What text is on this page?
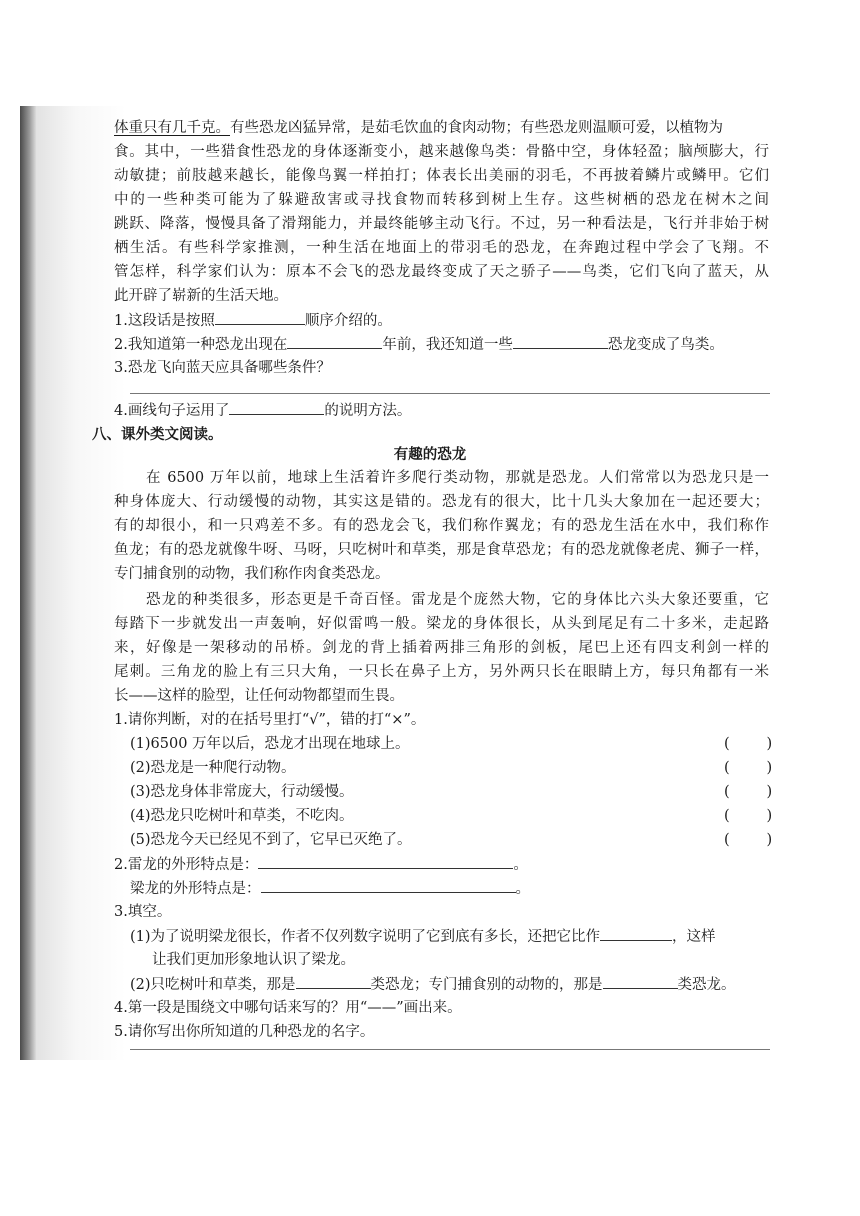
体重只有几千克。有些恐龙凶猛异常，是茹毛饮血的食肉动物；有些恐龙则温顺可爱，以植物为
食。其中，一些猎食性恐龙的身体逐渐变小，越来越像鸟类：骨骼中空，身体轻盈；脑颅膨大，行
动敏捷；前肢越来越长，能像鸟翼一样拍打；体表长出美丽的羽毛，不再披着鳞片或鳞甲。它们
中的一些种类可能为了躲避敌害或寻找食物而转移到树上生存。这些树栖的恐龙在树木之间
跳跃、降落，慢慢具备了滑翔能力，并最终能够主动飞行。不过，另一种看法是，飞行并非始于树
栖生活。有些科学家推测，一种生活在地面上的带羽毛的恐龙，在奔跑过程中学会了飞翔。不
管怎样，科学家们认为：原本不会飞的恐龙最终变成了天之骄子——鸟类，它们飞向了蓝天，从
此开辟了崭新的生活天地。
1.这段话是按照	顺序介绍的。
2.我知道第一种恐龙出现在	年前，我还知道一些	恐龙变成了鸟类。
3.恐龙飞向蓝天应具备哪些条件？
4.画线句子运用了	的说明方法。
八、课外类文阅读。
有趣的恐龙
在 6500 万年以前，地球上生活着许多爬行类动物，那就是恐龙。人们常常以为恐龙只是一
种身体庞大、行动缓慢的动物，其实这是错的。恐龙有的很大，比十几头大象加在一起还要大；
有的却很小，和一只鸡差不多。有的恐龙会飞，我们称作翼龙；有的恐龙生活在水中，我们称作
鱼龙；有的恐龙就像牛呀、马呀，只吃树叶和草类，那是食草恐龙；有的恐龙就像老虎、狮子一样，
专门捕食别的动物，我们称作肉食类恐龙。
恐龙的种类很多，形态更是千奇百怪。雷龙是个庞然大物，它的身体比六头大象还要重，它
每踏下一步就发出一声轰响，好似雷鸣一般。梁龙的身体很长，从头到尾足有二十多米，走起路
来，好像是一架移动的吊桥。剑龙的背上插着两排三角形的剑板，尾巴上还有四支利剑一样的
尾刺。三角龙的脸上有三只大角，一只长在鼻子上方，另外两只长在眼睛上方，每只角都有一米
长——这样的脸型，让任何动物都望而生畏。
1.请你判断，对的在括号里打“√”，错的打“×”。
(1)6500 万年以后，恐龙才出现在地球上。	(        )
(2)恐龙是一种爬行动物。	(        )
(3)恐龙身体非常庞大，行动缓慢。	(        )
(4)恐龙只吃树叶和草类，不吃肉。	(        )
(5)恐龙今天已经见不到了，它早已灭绝了。	(        )
2.雷龙的外形特点是：	。
梁龙的外形特点是：	。
3.填空。
(1)为了说明梁龙很长，作者不仅列数字说明了它到底有多长，还把它比作	，这样
让我们更加形象地认识了梁龙。
(2)只吃树叶和草类，那是	类恐龙；专门捕食别的动物的，那是	类恐龙。
4.第一段是围绕文中哪句话来写的？用“——”画出来。
5.请你写出你所知道的几种恐龙的名字。
